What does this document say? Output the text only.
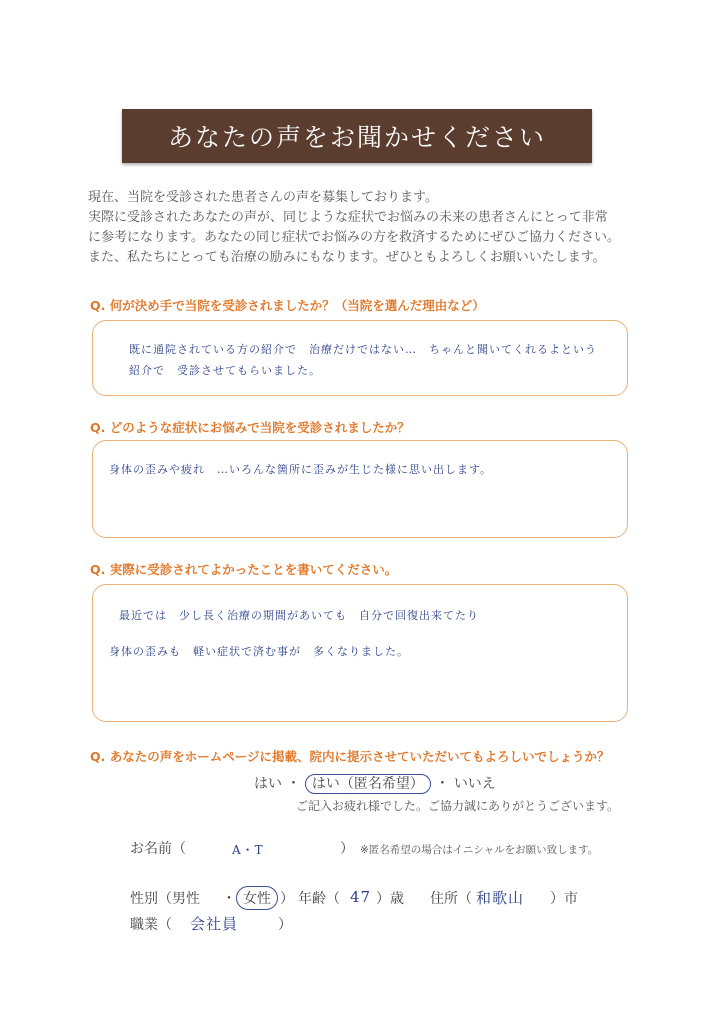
あなたの声をお聞かせください
現在、当院を受診された患者さんの声を募集しております。
実際に受診されたあなたの声が、同じような症状でお悩みの未来の患者さんにとって非常
に参考になります。あなたの同じ症状でお悩みの方を救済するためにぜひご協力ください。
また、私たちにとっても治療の励みにもなります。ぜひともよろしくお願いいたします。
Q. 何が決め手で当院を受診されましたか？（当院を選んだ理由など）
既に通院されている方の紹介で　治療だけではない…　ちゃんと聞いてくれるよという
紹介で　受診させてもらいました。
Q. どのような症状にお悩みで当院を受診されましたか？
身体の歪みや疲れ　…いろんな箇所に歪みが生じた様に思い出します。
Q. 実際に受診されてよかったことを書いてください。
最近では　少し長く治療の期間があいても　自分で回復出来てたり
身体の歪みも　軽い症状で済む事が　多くなりました。
Q. あなたの声をホームページに掲載、院内に提示させていただいてもよろしいでしょうか？
はい ・ はい（匿名希望） ・ いいえ
ご記入お疲れ様でした。ご協力誠にありがとうございます。
お名前（	A・T	） ※匿名希望の場合はイニシャルをお願い致します。
性別（男性 ・ 女性 ） 年齢（ 47 ）歳 住所（ 和歌山 ）市
職業（ 会社員	）
